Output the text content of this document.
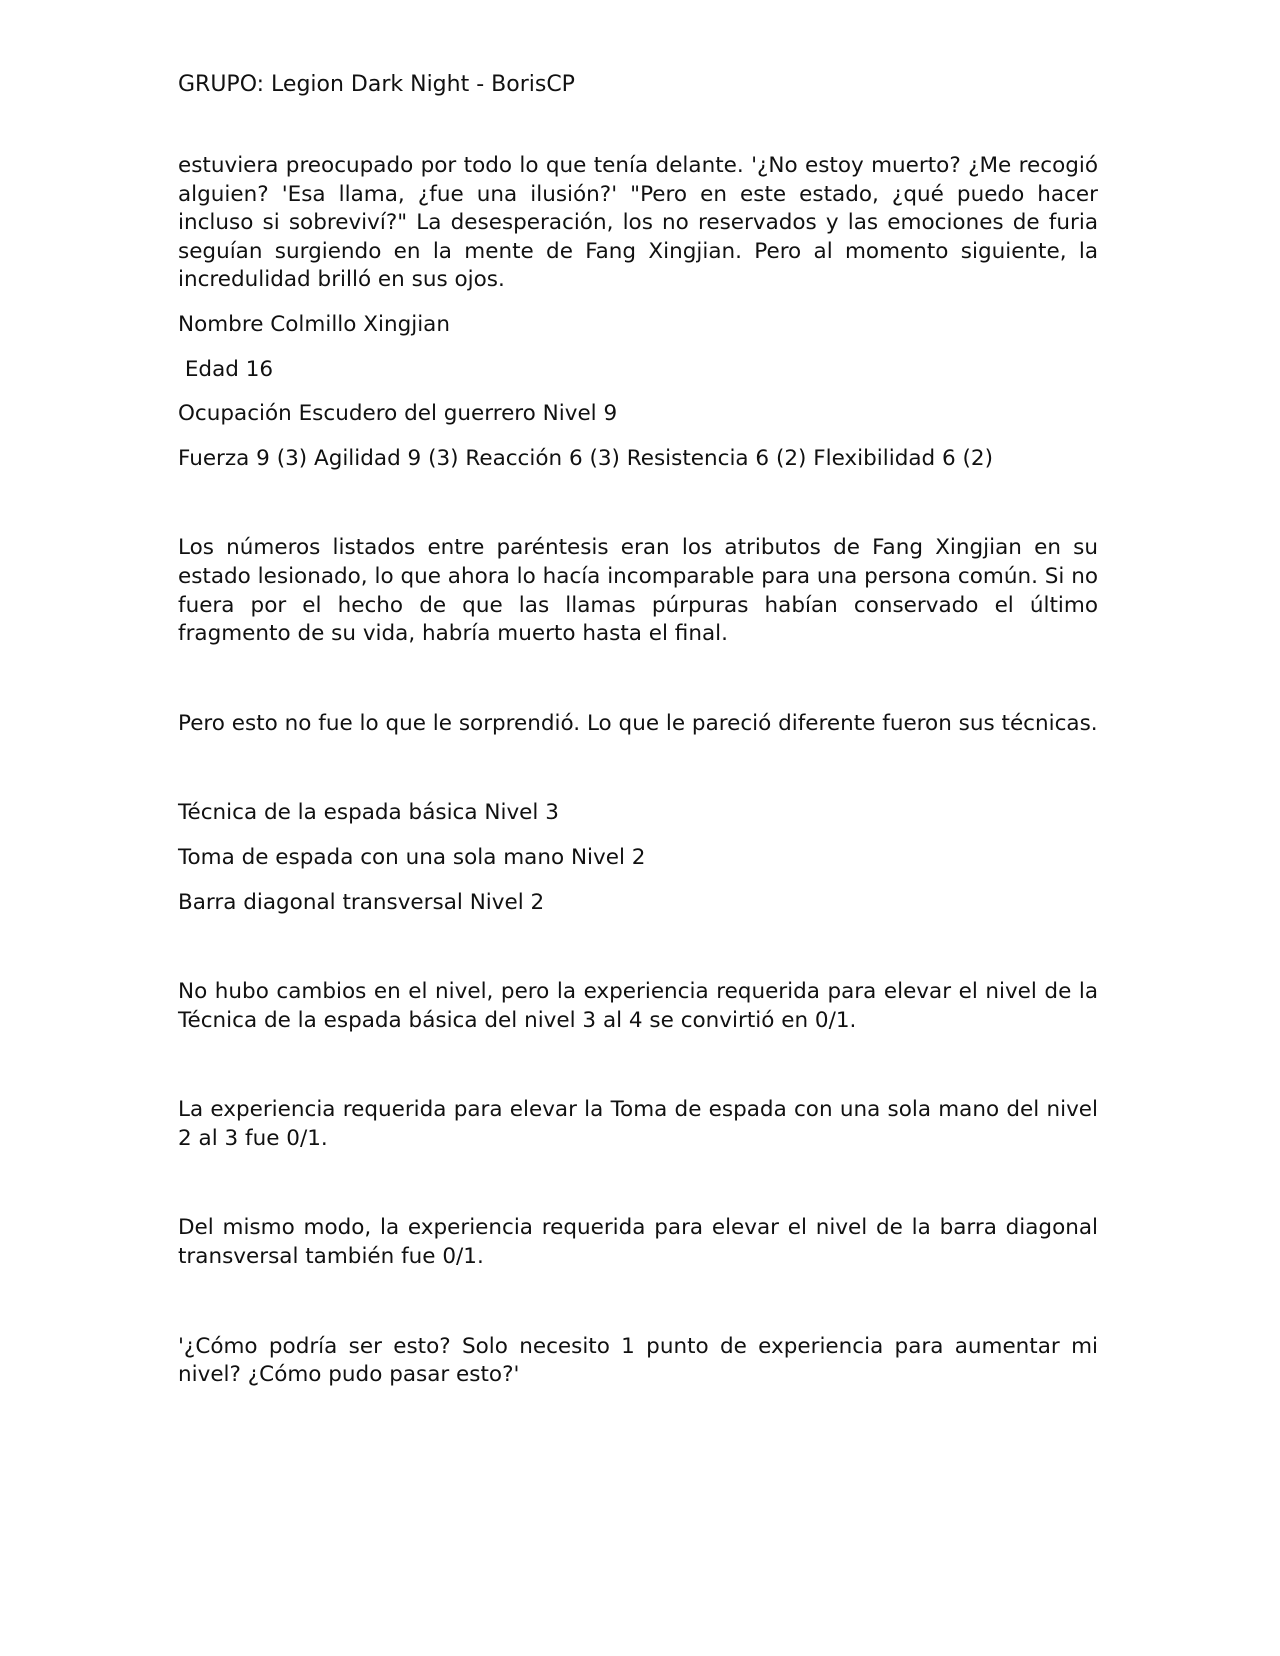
GRUPO: Legion Dark Night - BorisCP

estuviera preocupado por todo lo que tenía delante. '¿No estoy muerto? ¿Me recogió alguien? 'Esa llama, ¿fue una ilusión?' "Pero en este estado, ¿qué puedo hacer incluso si sobreviví?" La desesperación, los no reservados y las emociones de furia seguían surgiendo en la mente de Fang Xingjian. Pero al momento siguiente, la incredulidad brilló en sus ojos.

Nombre Colmillo Xingjian

Edad 16

Ocupación Escudero del guerrero Nivel 9

Fuerza 9 (3) Agilidad 9 (3) Reacción 6 (3) Resistencia 6 (2) Flexibilidad 6 (2)

Los números listados entre paréntesis eran los atributos de Fang Xingjian en su estado lesionado, lo que ahora lo hacía incomparable para una persona común. Si no fuera por el hecho de que las llamas púrpuras habían conservado el último fragmento de su vida, habría muerto hasta el final.

Pero esto no fue lo que le sorprendió. Lo que le pareció diferente fueron sus técnicas.

Técnica de la espada básica Nivel 3

Toma de espada con una sola mano Nivel 2

Barra diagonal transversal Nivel 2

No hubo cambios en el nivel, pero la experiencia requerida para elevar el nivel de la Técnica de la espada básica del nivel 3 al 4 se convirtió en 0/1.

La experiencia requerida para elevar la Toma de espada con una sola mano del nivel 2 al 3 fue 0/1.

Del mismo modo, la experiencia requerida para elevar el nivel de la barra diagonal transversal también fue 0/1.

'¿Cómo podría ser esto? Solo necesito 1 punto de experiencia para aumentar mi nivel? ¿Cómo pudo pasar esto?'
